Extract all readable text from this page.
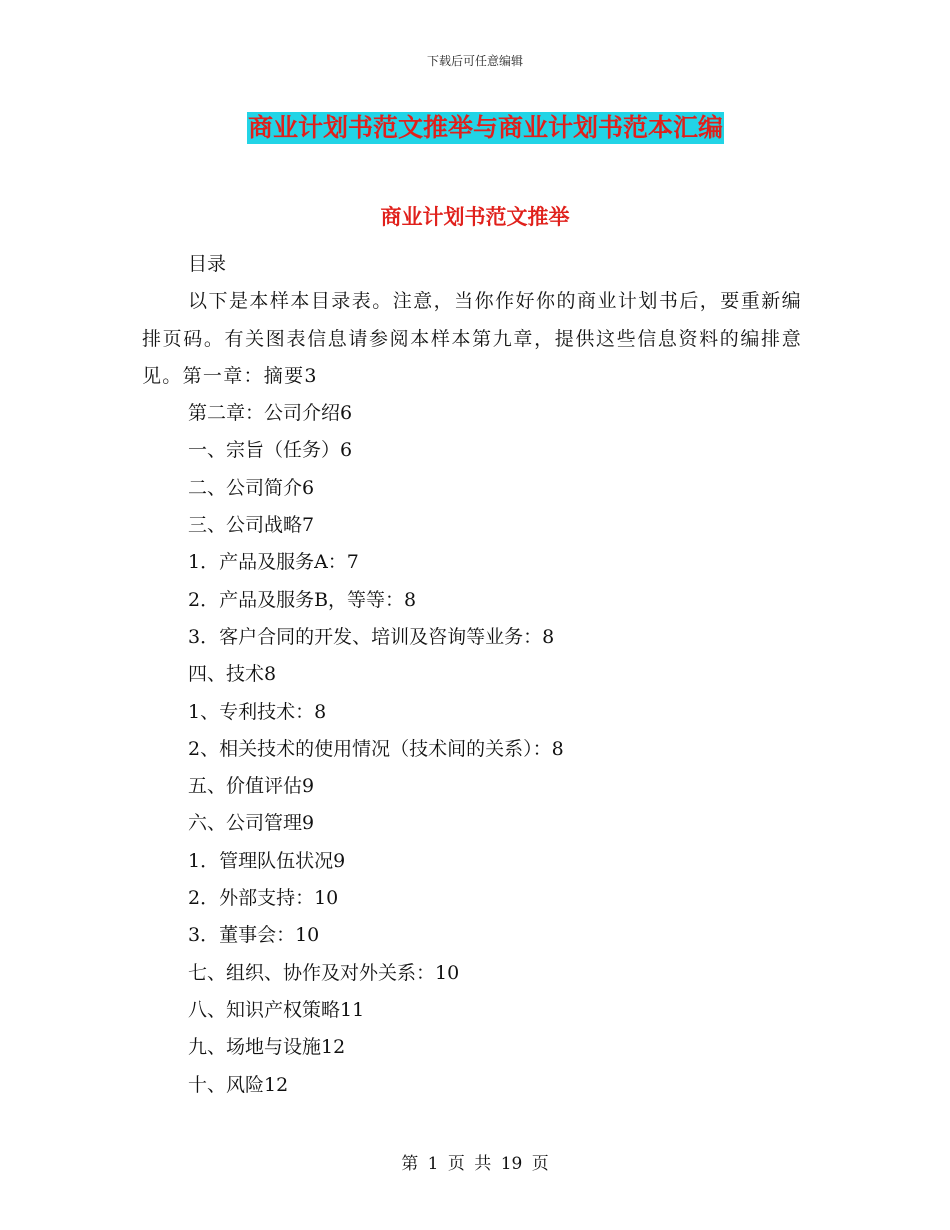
下载后可任意编辑
商业计划书范文推举与商业计划书范本汇编
商业计划书范文推举
目录
以下是本样本目录表。注意，当你作好你的商业计划书后，要重新编排页码。有关图表信息请参阅本样本第九章，提供这些信息资料的编排意见。第一章：摘要3
第二章：公司介绍6
一、宗旨（任务）6
二、公司简介6
三、公司战略7
1．产品及服务A：7
2．产品及服务B，等等：8
3．客户合同的开发、培训及咨询等业务：8
四、技术8
1、专利技术：8
2、相关技术的使用情况（技术间的关系）：8
五、价值评估9
六、公司管理9
1．管理队伍状况9
2．外部支持：10
3．董事会：10
七、组织、协作及对外关系：10
八、知识产权策略11
九、场地与设施12
十、风险12
第 1 页 共 19 页
